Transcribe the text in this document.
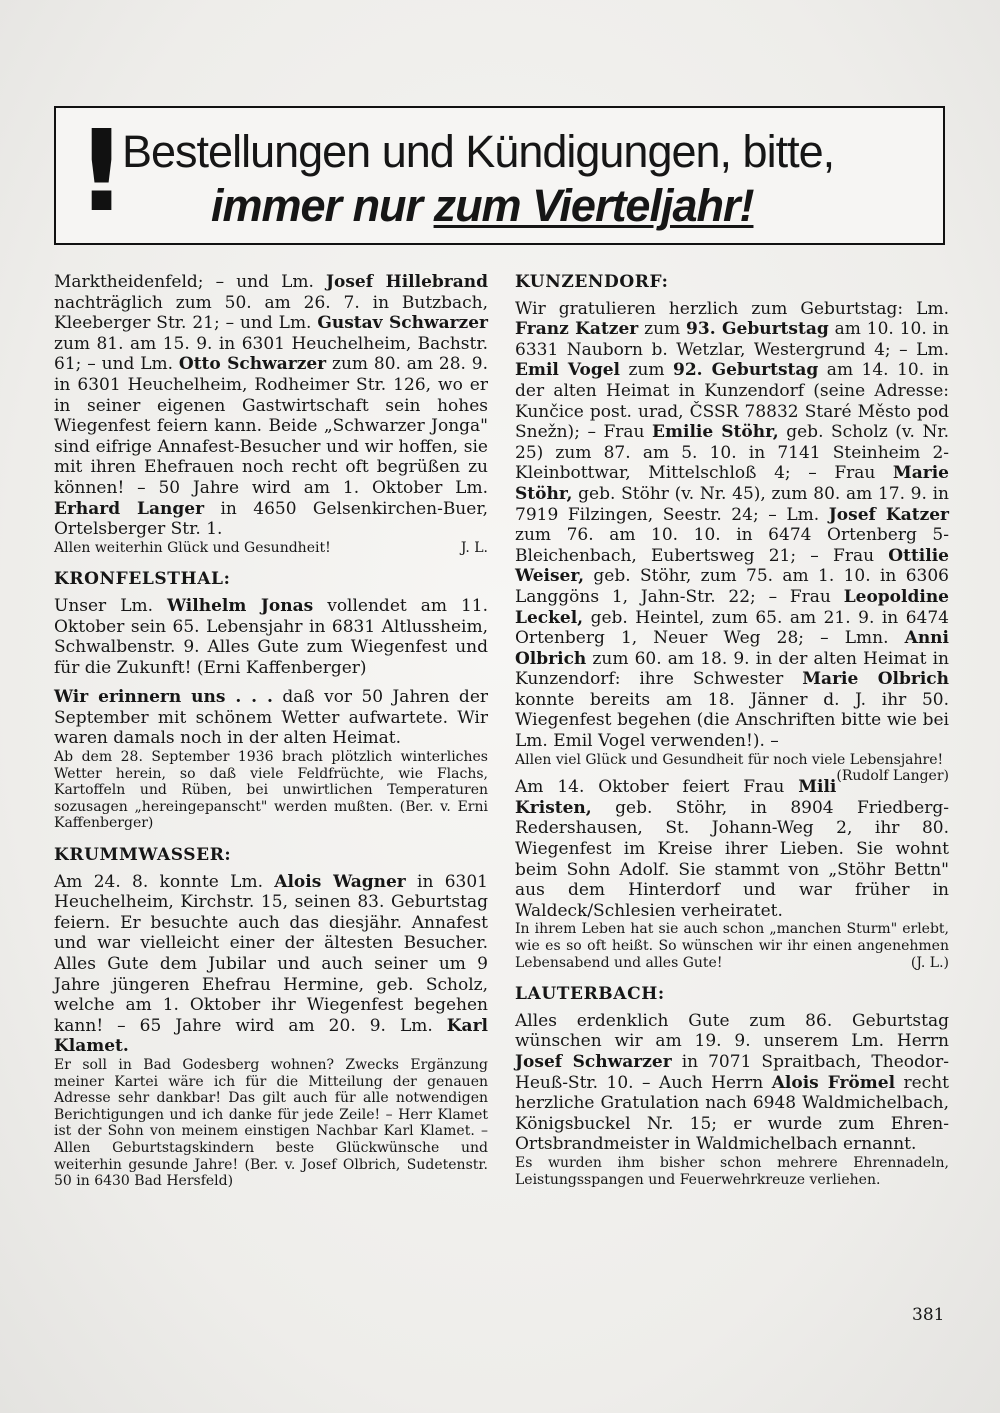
!
Bestellungen und Kündigungen, bitte,
immer nur zum Vierteljahr!

Marktheidenfeld; – und Lm. Josef Hillebrand nachträglich zum 50. am 26. 7. in Butzbach, Kleeberger Str. 21; – und Lm. Gustav Schwarzer zum 81. am 15. 9. in 6301 Heuchelheim, Bachstr. 61; – und Lm. Otto Schwarzer zum 80. am 28. 9. in 6301 Heuchelheim, Rodheimer Str. 126, wo er in seiner eigenen Gastwirtschaft sein hohes Wiegenfest feiern kann. Beide „Schwarzer Jonga" sind eifrige Annafest-Besucher und wir hoffen, sie mit ihren Ehefrauen noch recht oft begrüßen zu können! – 50 Jahre wird am 1. Oktober Lm. Erhard Langer in 4650 Gelsenkirchen-Buer, Ortelsberger Str. 1.

Allen weiterhin Glück und Gesundheit!	J. L.

KRONFELSTHAL:

Unser Lm. Wilhelm Jonas vollendet am 11. Oktober sein 65. Lebensjahr in 6831 Altlussheim, Schwalbenstr. 9. Alles Gute zum Wiegenfest und für die Zukunft! (Erni Kaffenberger)

Wir erinnern uns . . . daß vor 50 Jahren der September mit schönem Wetter aufwartete. Wir waren damals noch in der alten Heimat.

Ab dem 28. September 1936 brach plötzlich winterliches Wetter herein, so daß viele Feldfrüchte, wie Flachs, Kartoffeln und Rüben, bei unwirtlichen Temperaturen sozusagen „hereingepanscht" werden mußten. (Ber. v. Erni Kaffenberger)

KRUMMWASSER:

Am 24. 8. konnte Lm. Alois Wagner in 6301 Heuchelheim, Kirchstr. 15, seinen 83. Geburtstag feiern. Er besuchte auch das diesjähr. Annafest und war vielleicht einer der ältesten Besucher. Alles Gute dem Jubilar und auch seiner um 9 Jahre jüngeren Ehefrau Hermine, geb. Scholz, welche am 1. Oktober ihr Wiegenfest begehen kann! – 65 Jahre wird am 20. 9. Lm. Karl Klamet.

Er soll in Bad Godesberg wohnen? Zwecks Ergänzung meiner Kartei wäre ich für die Mitteilung der genauen Adresse sehr dankbar! Das gilt auch für alle notwendigen Berichtigungen und ich danke für jede Zeile! – Herr Klamet ist der Sohn von meinem einstigen Nachbar Karl Klamet. – Allen Geburtstagskindern beste Glückwünsche und weiterhin gesunde Jahre! (Ber. v. Josef Olbrich, Sudetenstr. 50 in 6430 Bad Hersfeld)

KUNZENDORF:

Wir gratulieren herzlich zum Geburtstag: Lm. Franz Katzer zum 93. Geburtstag am 10. 10. in 6331 Nauborn b. Wetzlar, Westergrund 4; – Lm. Emil Vogel zum 92. Geburtstag am 14. 10. in der alten Heimat in Kunzendorf (seine Adresse: Kunčice post. urad, ČSSR 78832 Staré Město pod Snežn); – Frau Emilie Stöhr, geb. Scholz (v. Nr. 25) zum 87. am 5. 10. in 7141 Steinheim 2-Kleinbottwar, Mittelschloß 4; – Frau Marie Stöhr, geb. Stöhr (v. Nr. 45), zum 80. am 17. 9. in 7919 Filzingen, Seestr. 24; – Lm. Josef Katzer zum 76. am 10. 10. in 6474 Ortenberg 5-Bleichenbach, Eubertsweg 21; – Frau Ottilie Weiser, geb. Stöhr, zum 75. am 1. 10. in 6306 Langgöns 1, Jahn-Str. 22; – Frau Leopoldine Leckel, geb. Heintel, zum 65. am 21. 9. in 6474 Ortenberg 1, Neuer Weg 28; – Lmn. Anni Olbrich zum 60. am 18. 9. in der alten Heimat in Kunzendorf: ihre Schwester Marie Olbrich konnte bereits am 18. Jänner d. J. ihr 50. Wiegenfest begehen (die Anschriften bitte wie bei Lm. Emil Vogel verwenden!). –

Allen viel Glück und Gesundheit für noch viele Lebensjahre!
(Rudolf Langer)

Am 14. Oktober feiert Frau Mili Kristen, geb. Stöhr, in 8904 Friedberg-Redershausen, St. Johann-Weg 2, ihr 80. Wiegenfest im Kreise ihrer Lieben. Sie wohnt beim Sohn Adolf. Sie stammt von „Stöhr Bettn" aus dem Hinterdorf und war früher in Waldeck/Schlesien verheiratet.

In ihrem Leben hat sie auch schon „manchen Sturm" erlebt, wie es so oft heißt. So wünschen wir ihr einen angenehmen Lebensabend und alles Gute!	(J. L.)

LAUTERBACH:

Alles erdenklich Gute zum 86. Geburtstag wünschen wir am 19. 9. unserem Lm. Herrn Josef Schwarzer in 7071 Spraitbach, Theodor-Heuß-Str. 10. – Auch Herrn Alois Frömel recht herzliche Gratulation nach 6948 Waldmichelbach, Königsbuckel Nr. 15; er wurde zum Ehren-Ortsbrandmeister in Waldmichelbach ernannt.

Es wurden ihm bisher schon mehrere Ehrennadeln, Leistungsspangen und Feuerwehrkreuze verliehen.

381
